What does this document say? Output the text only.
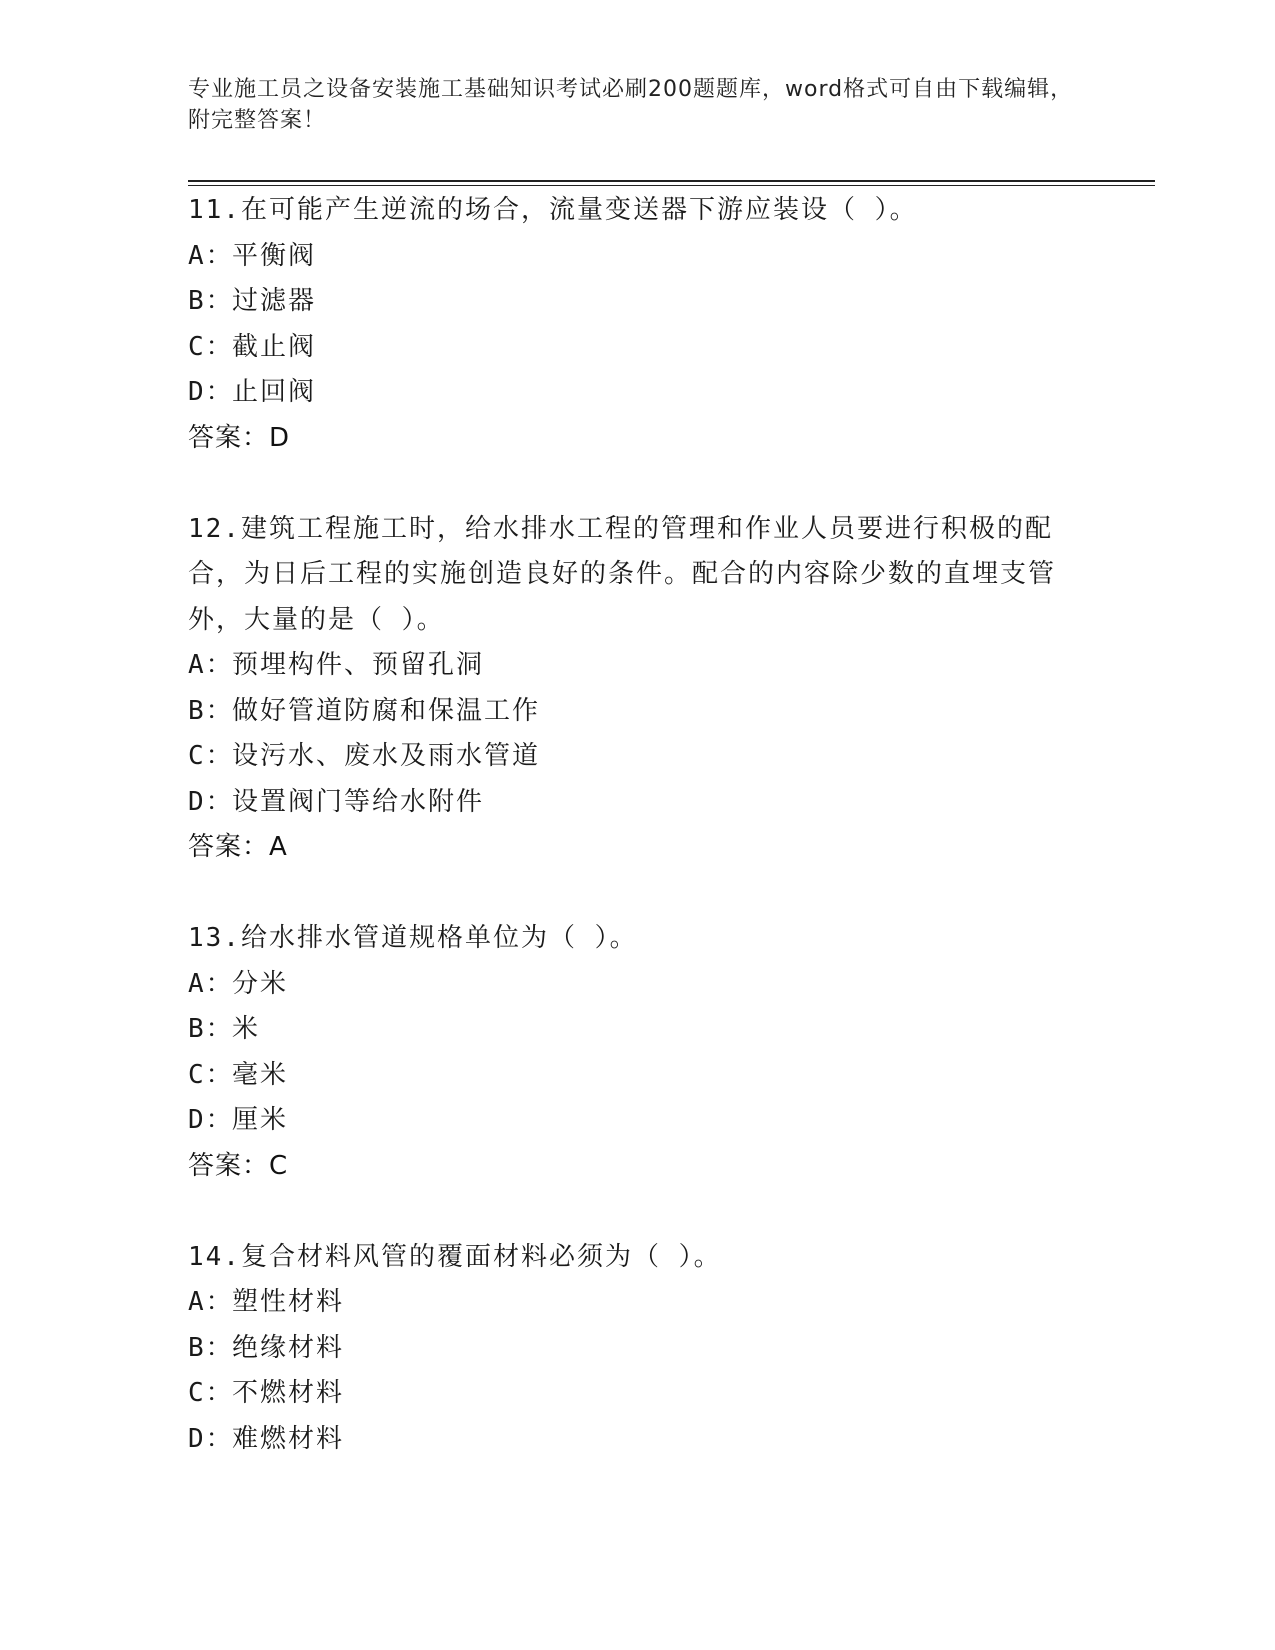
专业施工员之设备安装施工基础知识考试必刷200题题库，word格式可自由下载编辑，附完整答案！
11.在可能产生逆流的场合，流量变送器下游应装设（ ）。
A：平衡阀
B：过滤器
C：截止阀
D：止回阀
答案：D
12.建筑工程施工时，给水排水工程的管理和作业人员要进行积极的配合，为日后工程的实施创造良好的条件。配合的内容除少数的直埋支管外，大量的是（ ）。
A：预埋构件、预留孔洞
B：做好管道防腐和保温工作
C：设污水、废水及雨水管道
D：设置阀门等给水附件
答案：A
13.给水排水管道规格单位为（ ）。
A：分米
B：米
C：毫米
D：厘米
答案：C
14.复合材料风管的覆面材料必须为（ ）。
A：塑性材料
B：绝缘材料
C：不燃材料
D：难燃材料
